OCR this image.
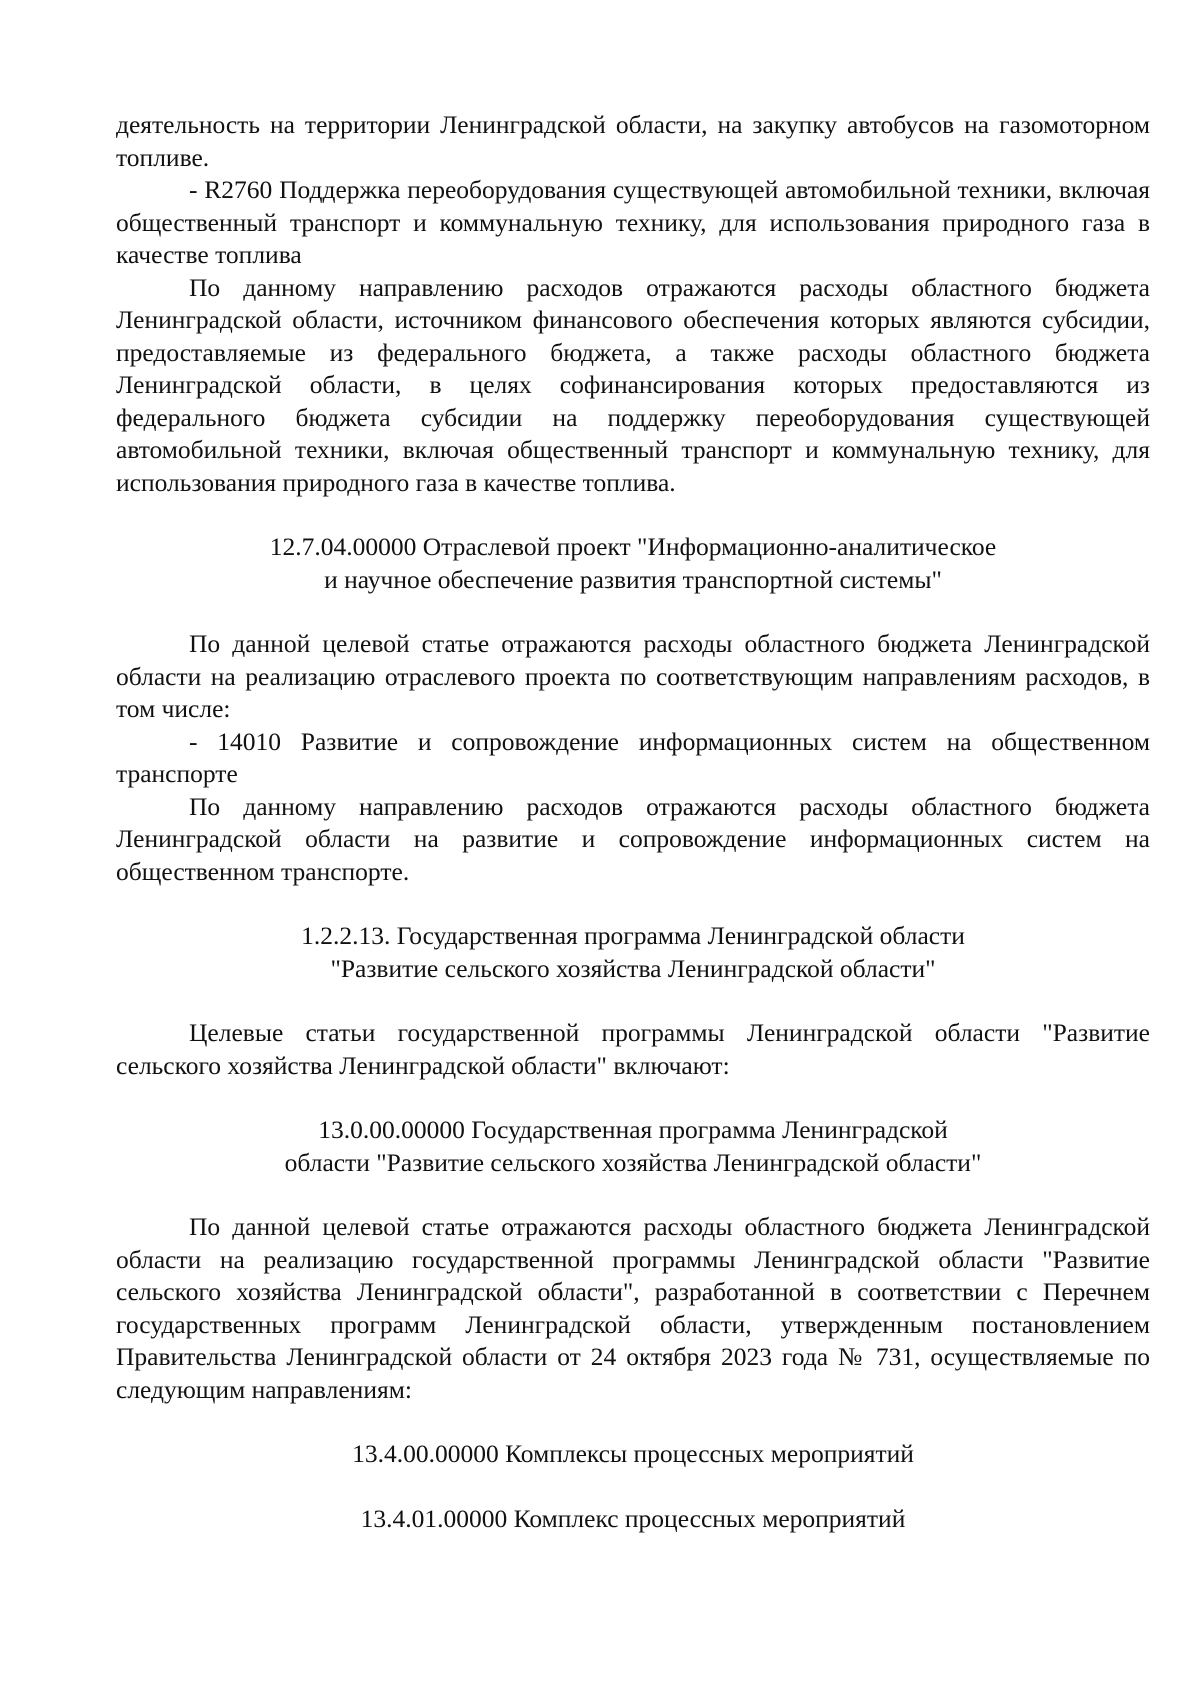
деятельность на территории Ленинградской области, на закупку автобусов на газомоторном топливе.

- R2760 Поддержка переоборудования существующей автомобильной техники, включая общественный транспорт и коммунальную технику, для использования природного газа в качестве топлива

По данному направлению расходов отражаются расходы областного бюджета Ленинградской области, источником финансового обеспечения которых являются субсидии, предоставляемые из федерального бюджета, а также расходы областного бюджета Ленинградской области, в целях софинансирования которых предоставляются из федерального бюджета субсидии на поддержку переоборудования существующей автомобильной техники, включая общественный транспорт и коммунальную технику, для использования природного газа в качестве топлива.

12.7.04.00000 Отраслевой проект "Информационно-аналитическое
и научное обеспечение развития транспортной системы"

По данной целевой статье отражаются расходы областного бюджета Ленинградской области на реализацию отраслевого проекта по соответствующим направлениям расходов, в том числе:

- 14010 Развитие и сопровождение информационных систем на общественном транспорте

По данному направлению расходов отражаются расходы областного бюджета Ленинградской области на развитие и сопровождение информационных систем на общественном транспорте.

1.2.2.13. Государственная программа Ленинградской области
"Развитие сельского хозяйства Ленинградской области"

Целевые статьи государственной программы Ленинградской области "Развитие сельского хозяйства Ленинградской области" включают:

13.0.00.00000 Государственная программа Ленинградской
области "Развитие сельского хозяйства Ленинградской области"

По данной целевой статье отражаются расходы областного бюджета Ленинградской области на реализацию государственной программы Ленинградской области "Развитие сельского хозяйства Ленинградской области", разработанной в соответствии с Перечнем государственных программ Ленинградской области, утвержденным постановлением Правительства Ленинградской области от 24 октября 2023 года № 731, осуществляемые по следующим направлениям:

13.4.00.00000 Комплексы процессных мероприятий
13.4.01.00000 Комплекс процессных мероприятий
